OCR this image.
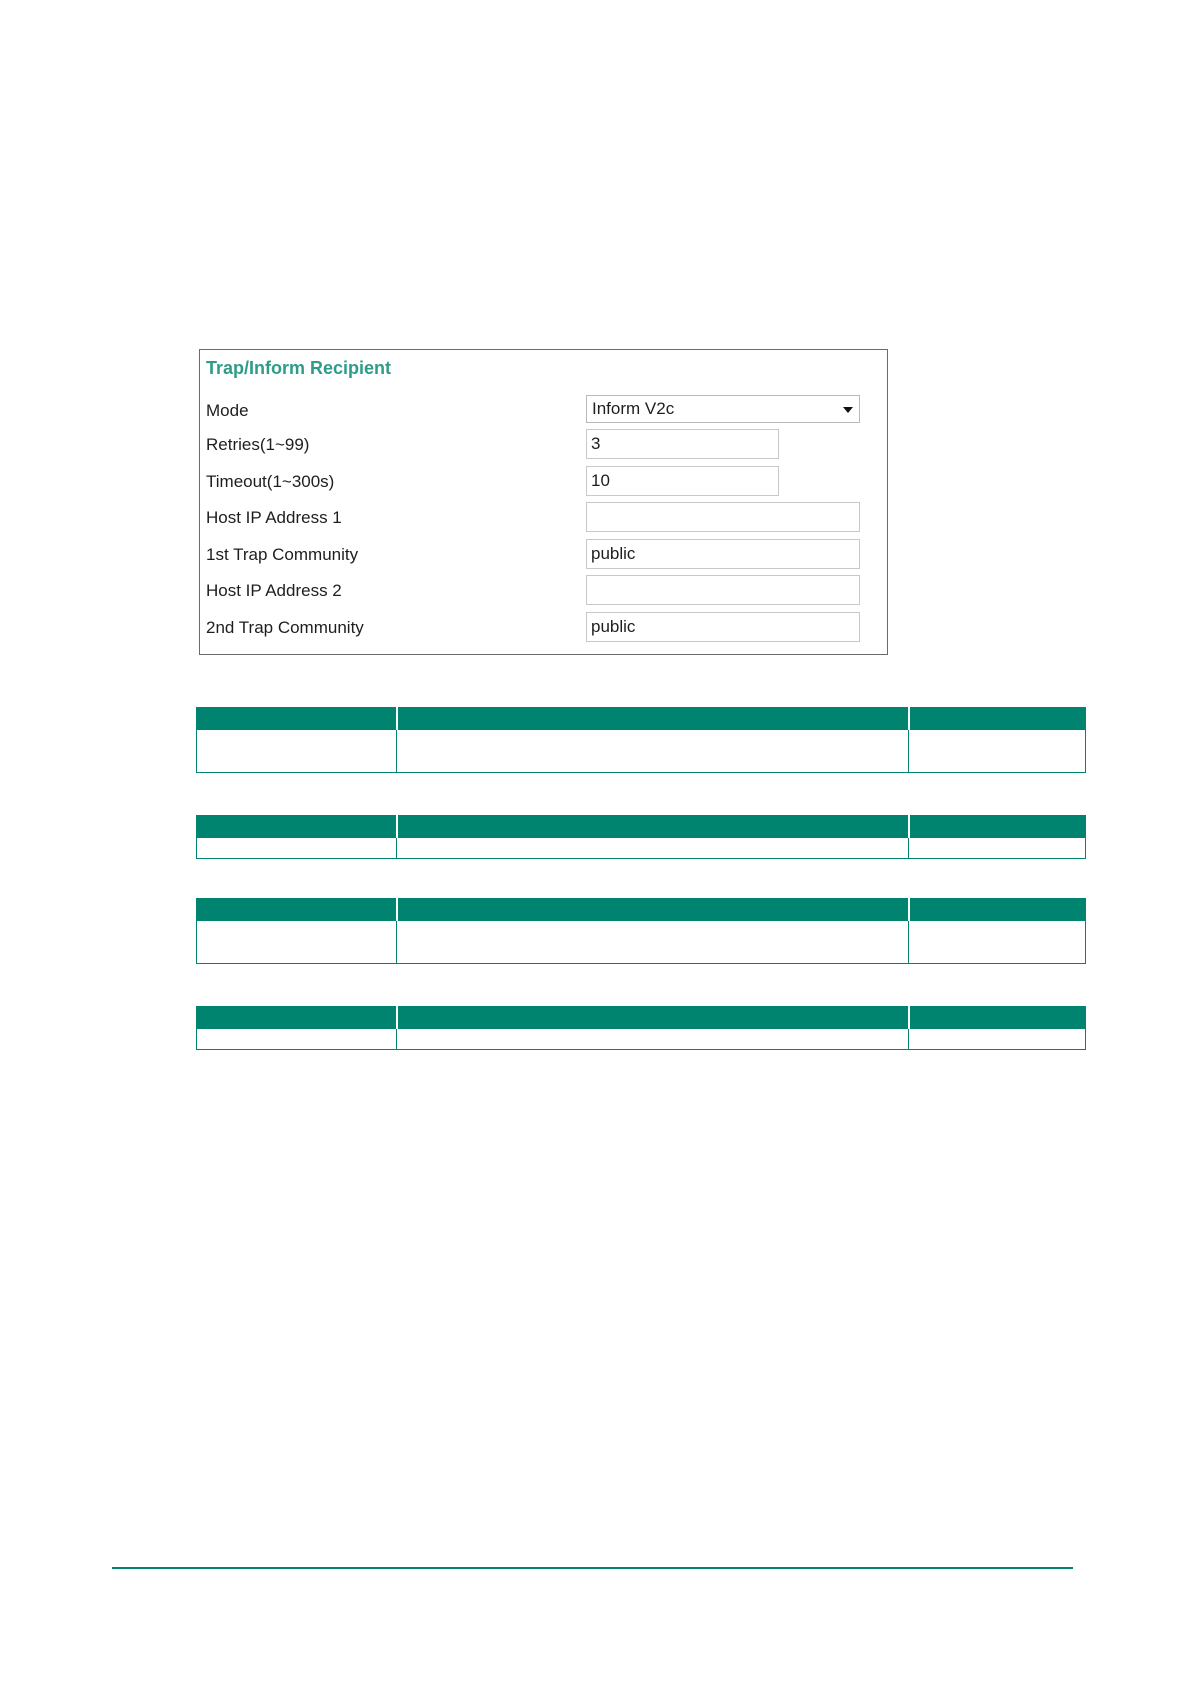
Trap/Inform Recipient
Mode	Inform V2c
Retries(1~99)	3
Timeout(1~300s)	10
Host IP Address 1
1st Trap Community	public
Host IP Address 2
2nd Trap Community	public
